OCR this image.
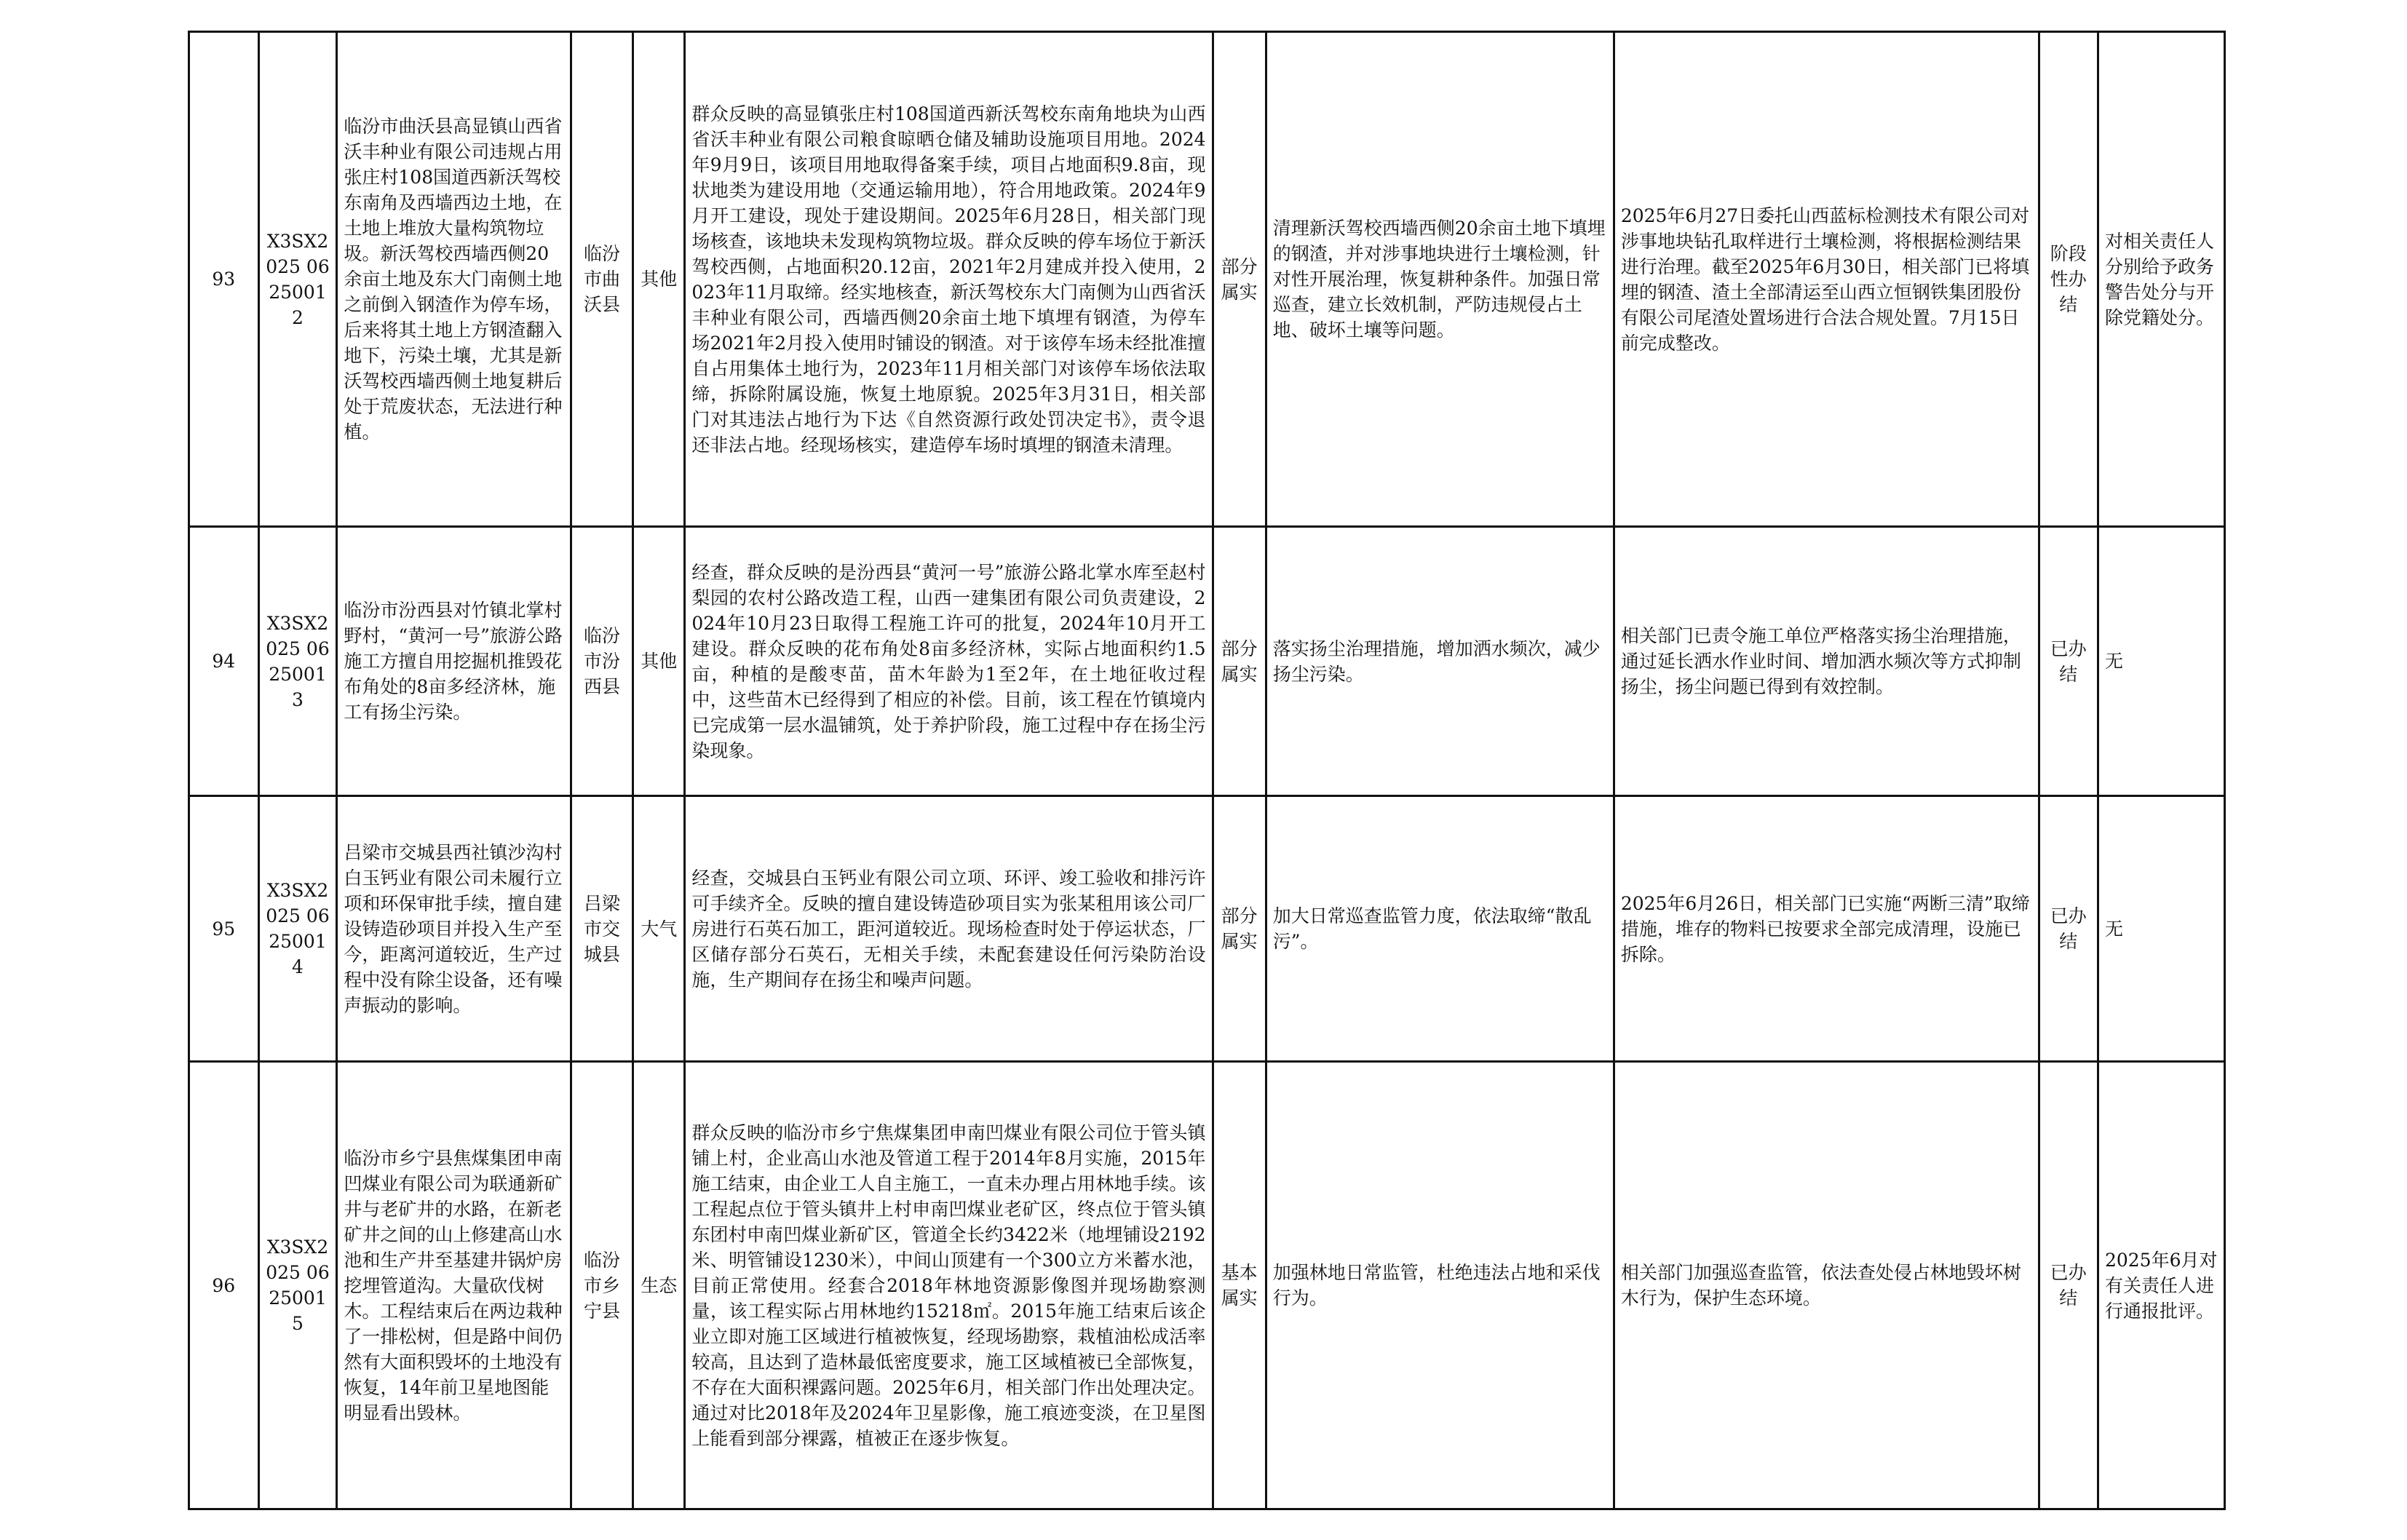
93	X3SX2025 06250012	临汾市曲沃县高显镇山西省沃丰种业有限公司违规占用张庄村108国道西新沃驾校东南角及西墙西边土地，在土地上堆放大量构筑物垃圾。新沃驾校西墙西侧20余亩土地及东大门南侧土地之前倒入钢渣作为停车场，后来将其土地上方钢渣翻入地下，污染土壤，尤其是新沃驾校西墙西侧土地复耕后处于荒废状态，无法进行种植。	临汾市曲沃县	其他	群众反映的高显镇张庄村108国道西新沃驾校东南角地块为山西省沃丰种业有限公司粮食晾晒仓储及辅助设施项目用地。2024年9月9日，该项目用地取得备案手续，项目占地面积9.8亩，现状地类为建设用地（交通运输用地），符合用地政策。2024年9月开工建设，现处于建设期间。2025年6月28日，相关部门现场核查，该地块未发现构筑物垃圾。群众反映的停车场位于新沃驾校西侧，占地面积20.12亩，2021年2月建成并投入使用，2023年11月取缔。经实地核查，新沃驾校东大门南侧为山西省沃丰种业有限公司，西墙西侧20余亩土地下填埋有钢渣，为停车场2021年2月投入使用时铺设的钢渣。对于该停车场未经批准擅自占用集体土地行为，2023年11月相关部门对该停车场依法取缔，拆除附属设施，恢复土地原貌。2025年3月31日，相关部门对其违法占地行为下达《自然资源行政处罚决定书》，责令退还非法占地。经现场核实，建造停车场时填埋的钢渣未清理。	部分属实	清理新沃驾校西墙西侧20余亩土地下填埋的钢渣，并对涉事地块进行土壤检测，针对性开展治理，恢复耕种条件。加强日常巡查，建立长效机制，严防违规侵占土地、破坏土壤等问题。	2025年6月27日委托山西蓝标检测技术有限公司对涉事地块钻孔取样进行土壤检测，将根据检测结果进行治理。截至2025年6月30日，相关部门已将填埋的钢渣、渣土全部清运至山西立恒钢铁集团股份有限公司尾渣处置场进行合法合规处置。7月15日前完成整改。	阶段性办结	对相关责任人分别给予政务警告处分与开除党籍处分。
94	X3SX2025 06250013	临汾市汾西县对竹镇北掌村野村，“黄河一号”旅游公路施工方擅自用挖掘机推毁花布角处的8亩多经济林，施工有扬尘污染。	临汾市汾西县	其他	经查，群众反映的是汾西县“黄河一号”旅游公路北掌水库至赵村梨园的农村公路改造工程，山西一建集团有限公司负责建设，2024年10月23日取得工程施工许可的批复，2024年10月开工建设。群众反映的花布角处8亩多经济林，实际占地面积约1.5亩，种植的是酸枣苗，苗木年龄为1至2年，在土地征收过程中，这些苗木已经得到了相应的补偿。目前，该工程在竹镇境内已完成第一层水温铺筑，处于养护阶段，施工过程中存在扬尘污染现象。	部分属实	落实扬尘治理措施，增加洒水频次，减少扬尘污染。	相关部门已责令施工单位严格落实扬尘治理措施，通过延长洒水作业时间、增加洒水频次等方式抑制扬尘，扬尘问题已得到有效控制。	已办结	无
95	X3SX2025 06250014	吕梁市交城县西社镇沙沟村白玉钙业有限公司未履行立项和环保审批手续，擅自建设铸造砂项目并投入生产至今，距离河道较近，生产过程中没有除尘设备，还有噪声振动的影响。	吕梁市交城县	大气	经查，交城县白玉钙业有限公司立项、环评、竣工验收和排污许可手续齐全。反映的擅自建设铸造砂项目实为张某租用该公司厂房进行石英石加工，距河道较近。现场检查时处于停运状态，厂区储存部分石英石，无相关手续，未配套建设任何污染防治设施，生产期间存在扬尘和噪声问题。	部分属实	加大日常巡查监管力度，依法取缔“散乱污”。	2025年6月26日，相关部门已实施“两断三清”取缔措施，堆存的物料已按要求全部完成清理，设施已拆除。	已办结	无
96	X3SX2025 06250015	临汾市乡宁县焦煤集团申南凹煤业有限公司为联通新矿井与老矿井的水路，在新老矿井之间的山上修建高山水池和生产井至基建井锅炉房挖埋管道沟。大量砍伐树木。工程结束后在两边栽种了一排松树，但是路中间仍然有大面积毁坏的土地没有恢复，14年前卫星地图能明显看出毁林。	临汾市乡宁县	生态	群众反映的临汾市乡宁焦煤集团申南凹煤业有限公司位于管头镇铺上村，企业高山水池及管道工程于2014年8月实施，2015年施工结束，由企业工人自主施工，一直未办理占用林地手续。该工程起点位于管头镇井上村申南凹煤业老矿区，终点位于管头镇东团村申南凹煤业新矿区，管道全长约3422米（地埋铺设2192米、明管铺设1230米），中间山顶建有一个300立方米蓄水池，目前正常使用。经套合2018年林地资源影像图并现场勘察测量，该工程实际占用林地约15218㎡。2015年施工结束后该企业立即对施工区域进行植被恢复，经现场勘察，栽植油松成活率较高，且达到了造林最低密度要求，施工区域植被已全部恢复，不存在大面积裸露问题。2025年6月，相关部门作出处理决定。通过对比2018年及2024年卫星影像，施工痕迹变淡，在卫星图上能看到部分裸露，植被正在逐步恢复。	基本属实	加强林地日常监管，杜绝违法占地和采伐行为。	相关部门加强巡查监管，依法查处侵占林地毁坏树木行为，保护生态环境。	已办结	2025年6月对有关责任人进行通报批评。
